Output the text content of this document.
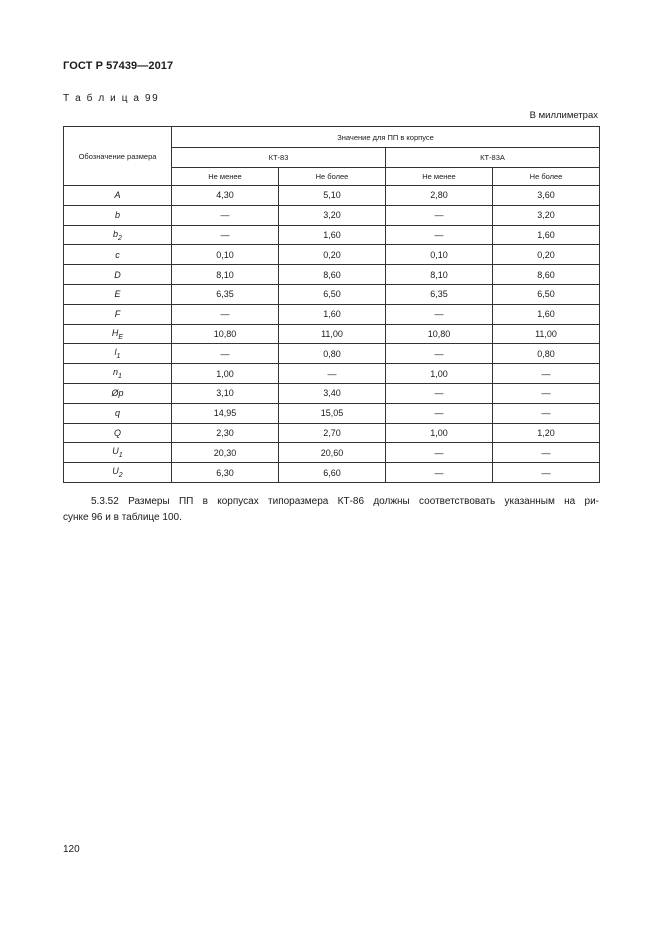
ГОСТ Р 57439—2017
Т а б л и ц а 99
В миллиметрах
Обозначение размера	Значение для ПП в корпусе			
	КТ-83		КТ-83А	
	Не менее	Не более	Не менее	Не более
A	4,30	5,10	2,80	3,60
b	—	3,20	—	3,20
$b_2$	—	1,60	—	1,60
c	0,10	0,20	0,10	0,20
D	8,10	8,60	8,10	8,60
E	6,35	6,50	6,35	6,50
F	—	1,60	—	1,60
$H_E$	10,80	11,00	10,80	11,00
$l_1$	—	0,80	—	0,80
$n_1$	1,00	—	1,00	—
Øp	3,10	3,40	—	—
q	14,95	15,05	—	—
Q	2,30	2,70	1,00	1,20
$U_1$	20,30	20,60	—	—
$U_2$	6,30	6,60	—	—
5.3.52 Размеры ПП в корпусах типоразмера КТ-86 должны соответствовать указанным на ри-
сунке 96 и в таблице 100.
120
